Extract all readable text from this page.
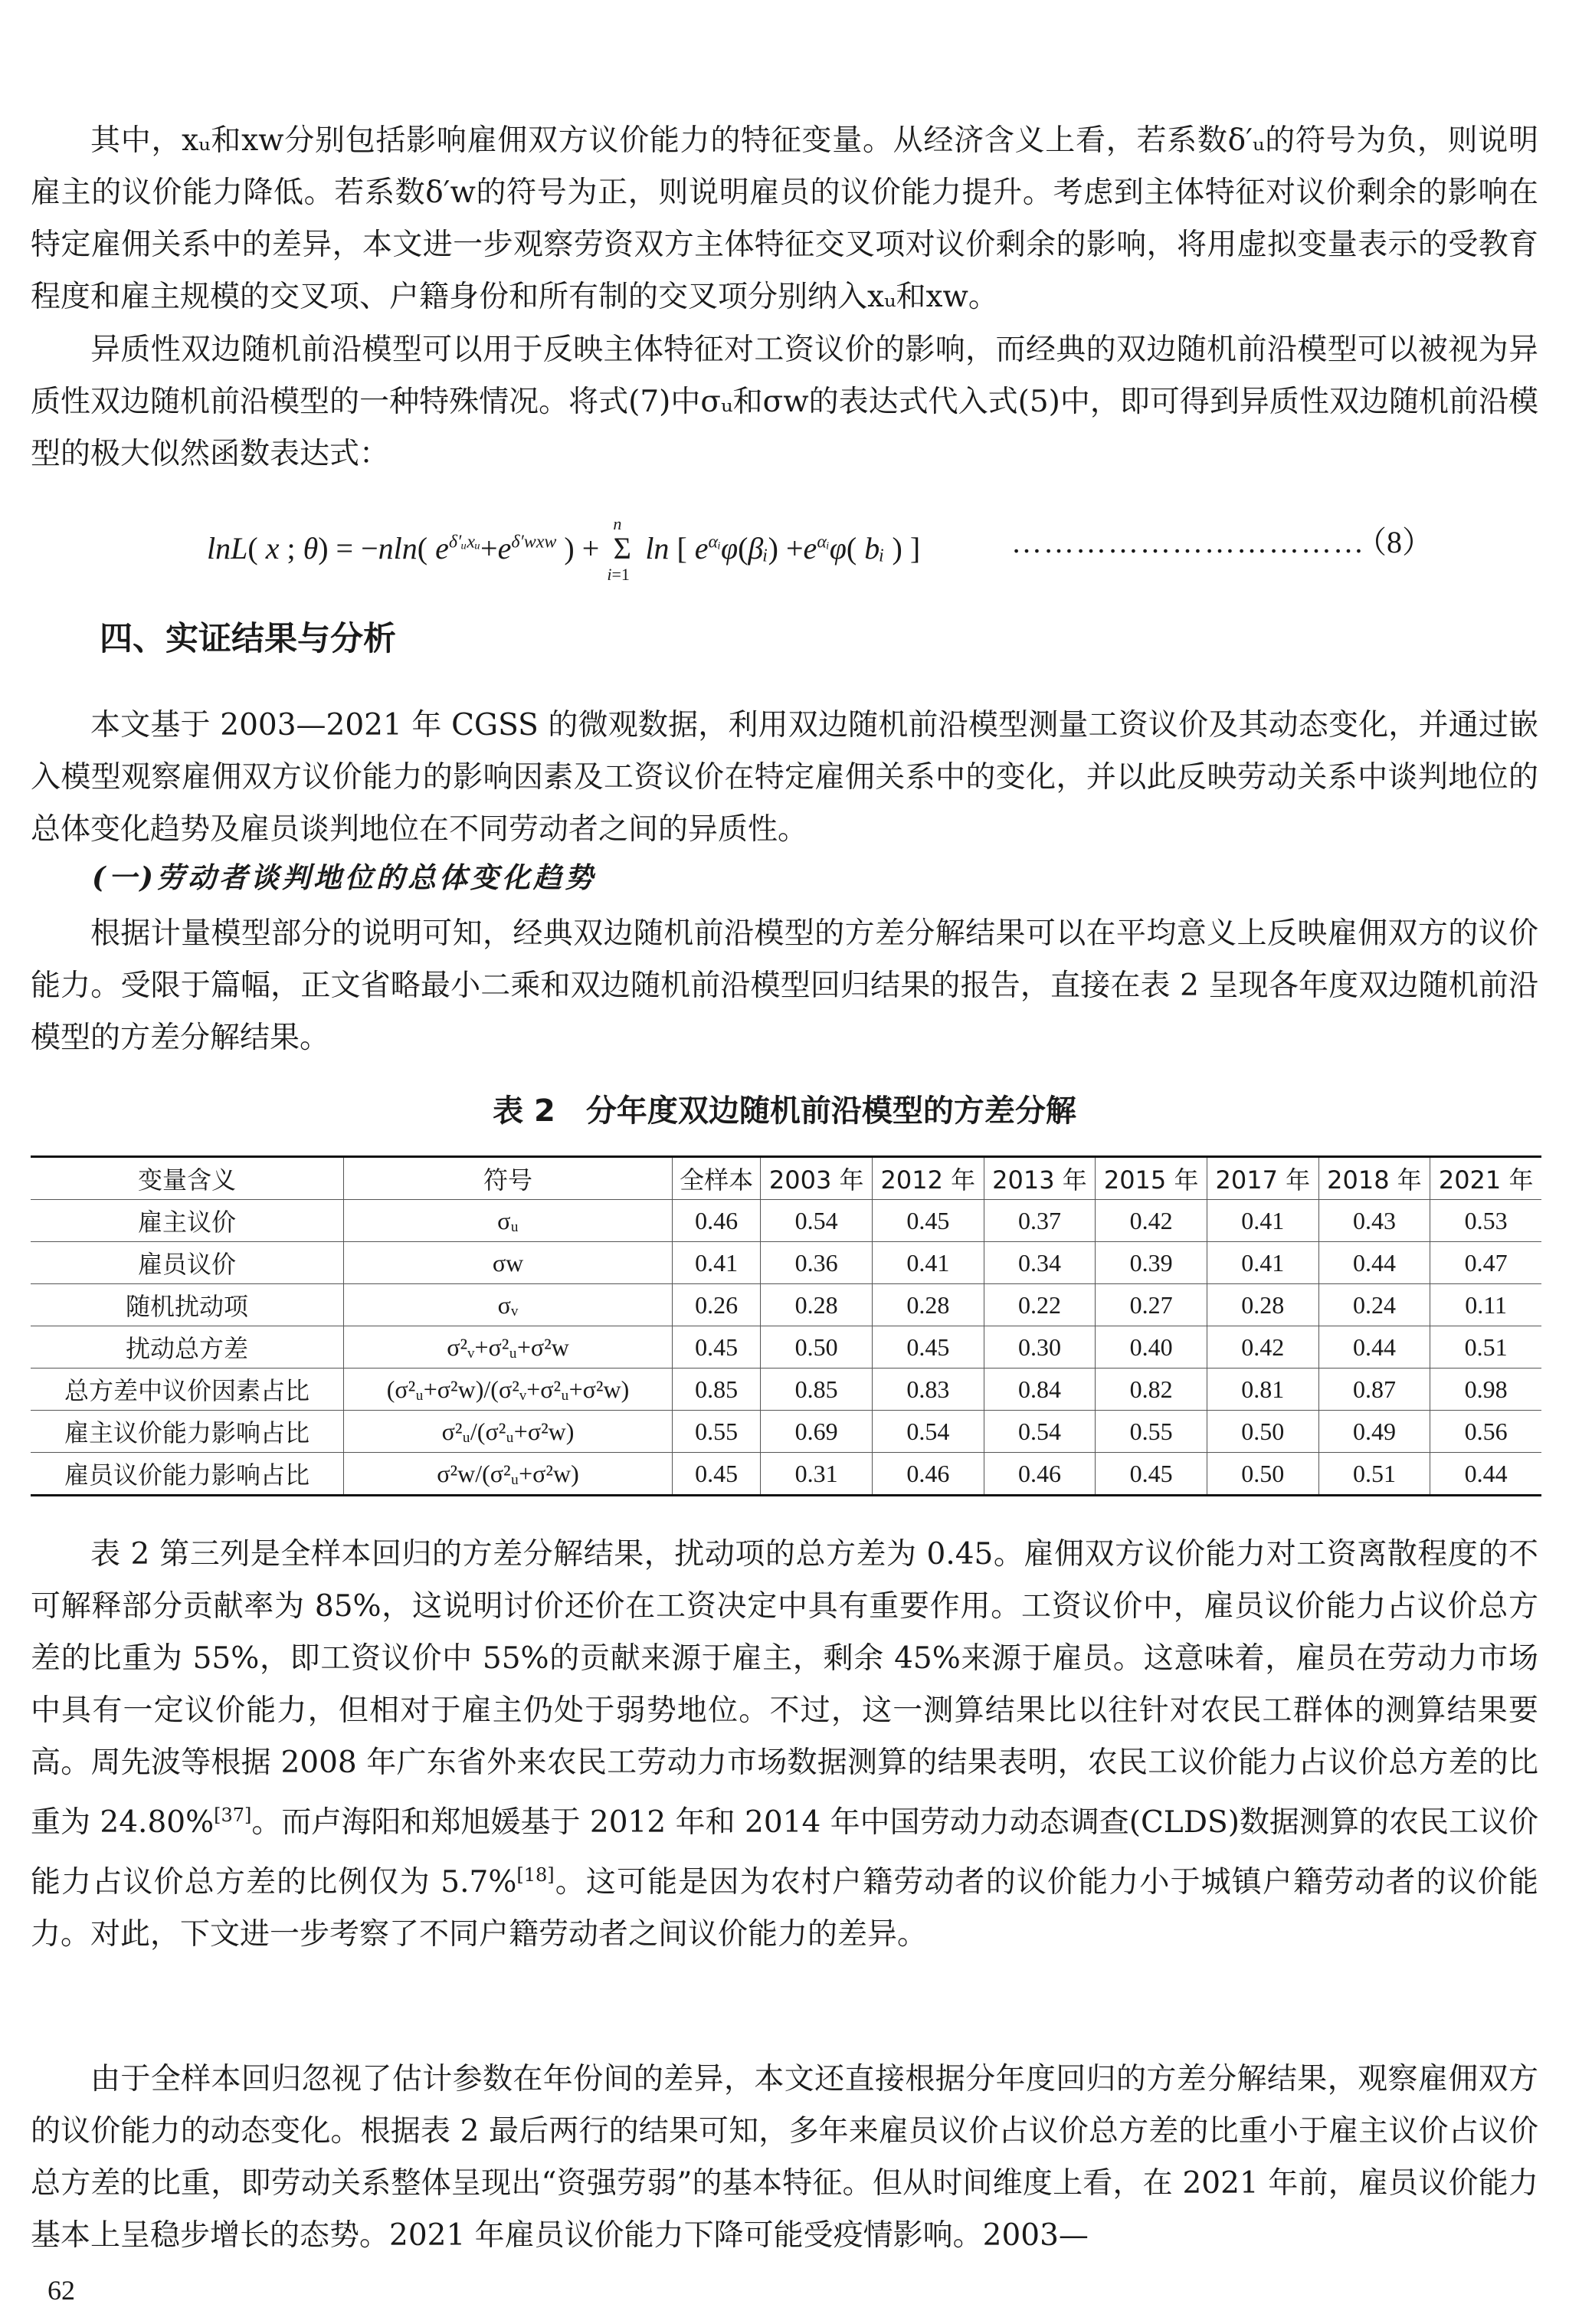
其中，xᵤ和xw分别包括影响雇佣双方议价能力的特征变量。从经济含义上看，若系数δ′ᵤ的符号为负，则说明雇主的议价能力降低。若系数δ′w的符号为正，则说明雇员的议价能力提升。考虑到主体特征对议价剩余的影响在特定雇佣关系中的差异，本文进一步观察劳资双方主体特征交叉项对议价剩余的影响，将用虚拟变量表示的受教育程度和雇主规模的交叉项、户籍身份和所有制的交叉项分别纳入xᵤ和xw。

异质性双边随机前沿模型可以用于反映主体特征对工资议价的影响，而经典的双边随机前沿模型可以被视为异质性双边随机前沿模型的一种特殊情况。将式(7)中σᵤ和σw的表达式代入式(5)中，即可得到异质性双边随机前沿模型的极大似然函数表达式：

lnL( x ; θ) = −nln( $e^{\delta'ᵤxᵤ}+e^{\delta'wxw}$ ) +
n
Σ
i=1
ln [ $e^{\alpha ᵢ}\varphi(\beta ᵢ) +e^{\alpha ᵢ}\varphi$( bᵢ ) ]	……………………………
（8）
四、实证结果与分析

本文基于 2003—2021 年 CGSS 的微观数据，利用双边随机前沿模型测量工资议价及其动态变化，并通过嵌入模型观察雇佣双方议价能力的影响因素及工资议价在特定雇佣关系中的变化，并以此反映劳动关系中谈判地位的总体变化趋势及雇员谈判地位在不同劳动者之间的异质性。

(一)劳动者谈判地位的总体变化趋势

根据计量模型部分的说明可知，经典双边随机前沿模型的方差分解结果可以在平均意义上反映雇佣双方的议价能力。受限于篇幅，正文省略最小二乘和双边随机前沿模型回归结果的报告，直接在表 2 呈现各年度双边随机前沿模型的方差分解结果。

表 2　分年度双边随机前沿模型的方差分解
变量含义	符号	全样本	2003 年	2012 年	2013 年	2015 年	2017 年	2018 年	2021 年
雇主议价	σᵤ	0.46	0.54	0.45	0.37	0.42	0.41	0.43	0.53
雇员议价	σw	0.41	0.36	0.41	0.34	0.39	0.41	0.44	0.47
随机扰动项	σᵥ	0.26	0.28	0.28	0.22	0.27	0.28	0.24	0.11
扰动总方差	σ²ᵥ+σ²ᵤ+σ²w	0.45	0.50	0.45	0.30	0.40	0.42	0.44	0.51
总方差中议价因素占比	(σ²ᵤ+σ²w)/(σ²ᵥ+σ²ᵤ+σ²w)	0.85	0.85	0.83	0.84	0.82	0.81	0.87	0.98
雇主议价能力影响占比	σ²ᵤ/(σ²ᵤ+σ²w)	0.55	0.69	0.54	0.54	0.55	0.50	0.49	0.56
雇员议价能力影响占比	σ²w/(σ²ᵤ+σ²w)	0.45	0.31	0.46	0.46	0.45	0.50	0.51	0.44

表 2 第三列是全样本回归的方差分解结果，扰动项的总方差为 0.45。雇佣双方议价能力对工资离散程度的不可解释部分贡献率为 85%，这说明讨价还价在工资决定中具有重要作用。工资议价中，雇员议价能力占议价总方差的比重为 55%，即工资议价中 55%的贡献来源于雇主，剩余 45%来源于雇员。这意味着，雇员在劳动力市场中具有一定议价能力，但相对于雇主仍处于弱势地位。不过，这一测算结果比以往针对农民工群体的测算结果要高。周先波等根据 2008 年广东省外来农民工劳动力市场数据测算的结果表明，农民工议价能力占议价总方差的比重为 24.80%[37]。而卢海阳和郑旭媛基于 2012 年和 2014 年中国劳动力动态调查(CLDS)数据测算的农民工议价能力占议价总方差的比例仅为 5.7%[18]。这可能是因为农村户籍劳动者的议价能力小于城镇户籍劳动者的议价能力。对此，下文进一步考察了不同户籍劳动者之间议价能力的差异。

由于全样本回归忽视了估计参数在年份间的差异，本文还直接根据分年度回归的方差分解结果，观察雇佣双方的议价能力的动态变化。根据表 2 最后两行的结果可知，多年来雇员议价占议价总方差的比重小于雇主议价占议价总方差的比重，即劳动关系整体呈现出“资强劳弱”的基本特征。但从时间维度上看，在 2021 年前，雇员议价能力基本上呈稳步增长的态势。2021 年雇员议价能力下降可能受疫情影响。2003—

62
